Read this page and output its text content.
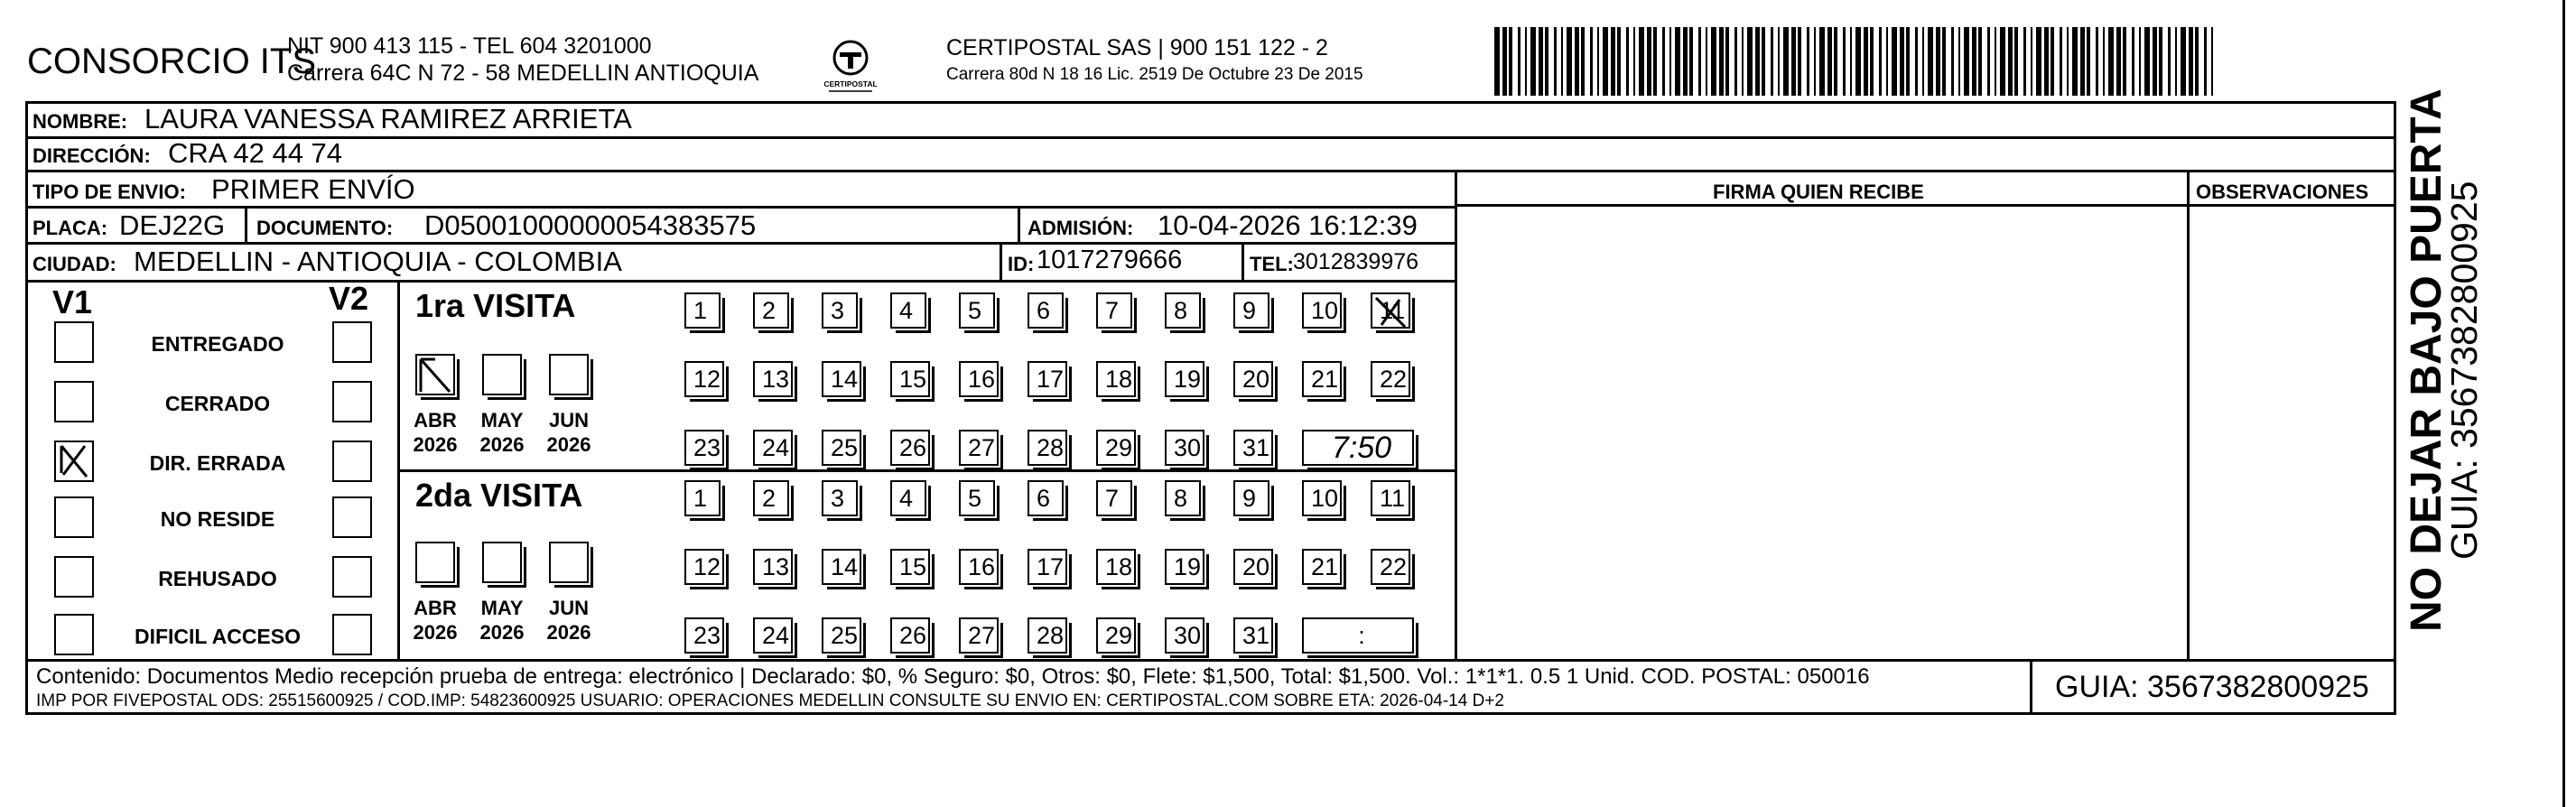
CONSORCIO ITS
NIT 900 413 115 - TEL 604 3201000
Carrera 64C N 72 - 58 MEDELLIN ANTIOQUIA	CERTIPOSTAL
CERTIPOSTAL SAS | 900 151 122 - 2
Carrera 80d N 18 16 Lic. 2519 De Octubre 23 De 2015
NOMBRE: LAURA VANESSA RAMIREZ ARRIETA
DIRECCIÓN: CRA 42 44 74
TIPO DE ENVIO: PRIMER ENVÍO	FIRMA QUIEN RECIBE	OBSERVACIONES
PLACA: DEJ22G DOCUMENTO: D05001000000054383575	ADMISIÓN: 10-04-2026 16:12:39
CIUDAD: MEDELLIN - ANTIOQUIA - COLOMBIA	ID: 1017279666	TEL: 3012839976
V1	V2
ENTREGADO
CERRADO
DIR. ERRADA
NO RESIDE
REHUSADO
DIFICIL ACCESO
1ra VISITA
2da VISITA
ABR
2026
MAY
2026
JUN
2026
1	2	3	4	5	6	7	8	9	10	11
12	13	14	15	16	17	18	19	20	21	22
23	24	25	26	27	28	29	30	31	7:50
ABR
2026
MAY
2026
JUN
2026
1	2	3	4	5	6	7	8	9	10	11
12	13	14	15	16	17	18	19	20	21	22
23	24	25	26	27	28	29	30	31	:
Contenido: Documentos Medio recepción prueba de entrega: electrónico | Declarado: $0, % Seguro: $0, Otros: $0, Flete: $1,500, Total: $1,500. Vol.: 1*1*1. 0.5 1 Unid. COD. POSTAL: 050016
IMP POR FIVEPOSTAL ODS: 25515600925 / COD.IMP: 54823600925 USUARIO: OPERACIONES MEDELLIN CONSULTE SU ENVIO EN: CERTIPOSTAL.COM SOBRE ETA: 2026-04-14 D+2	GUIA: 3567382800925
NO DEJAR BAJO PUERTA
GUIA: 3567382800925
